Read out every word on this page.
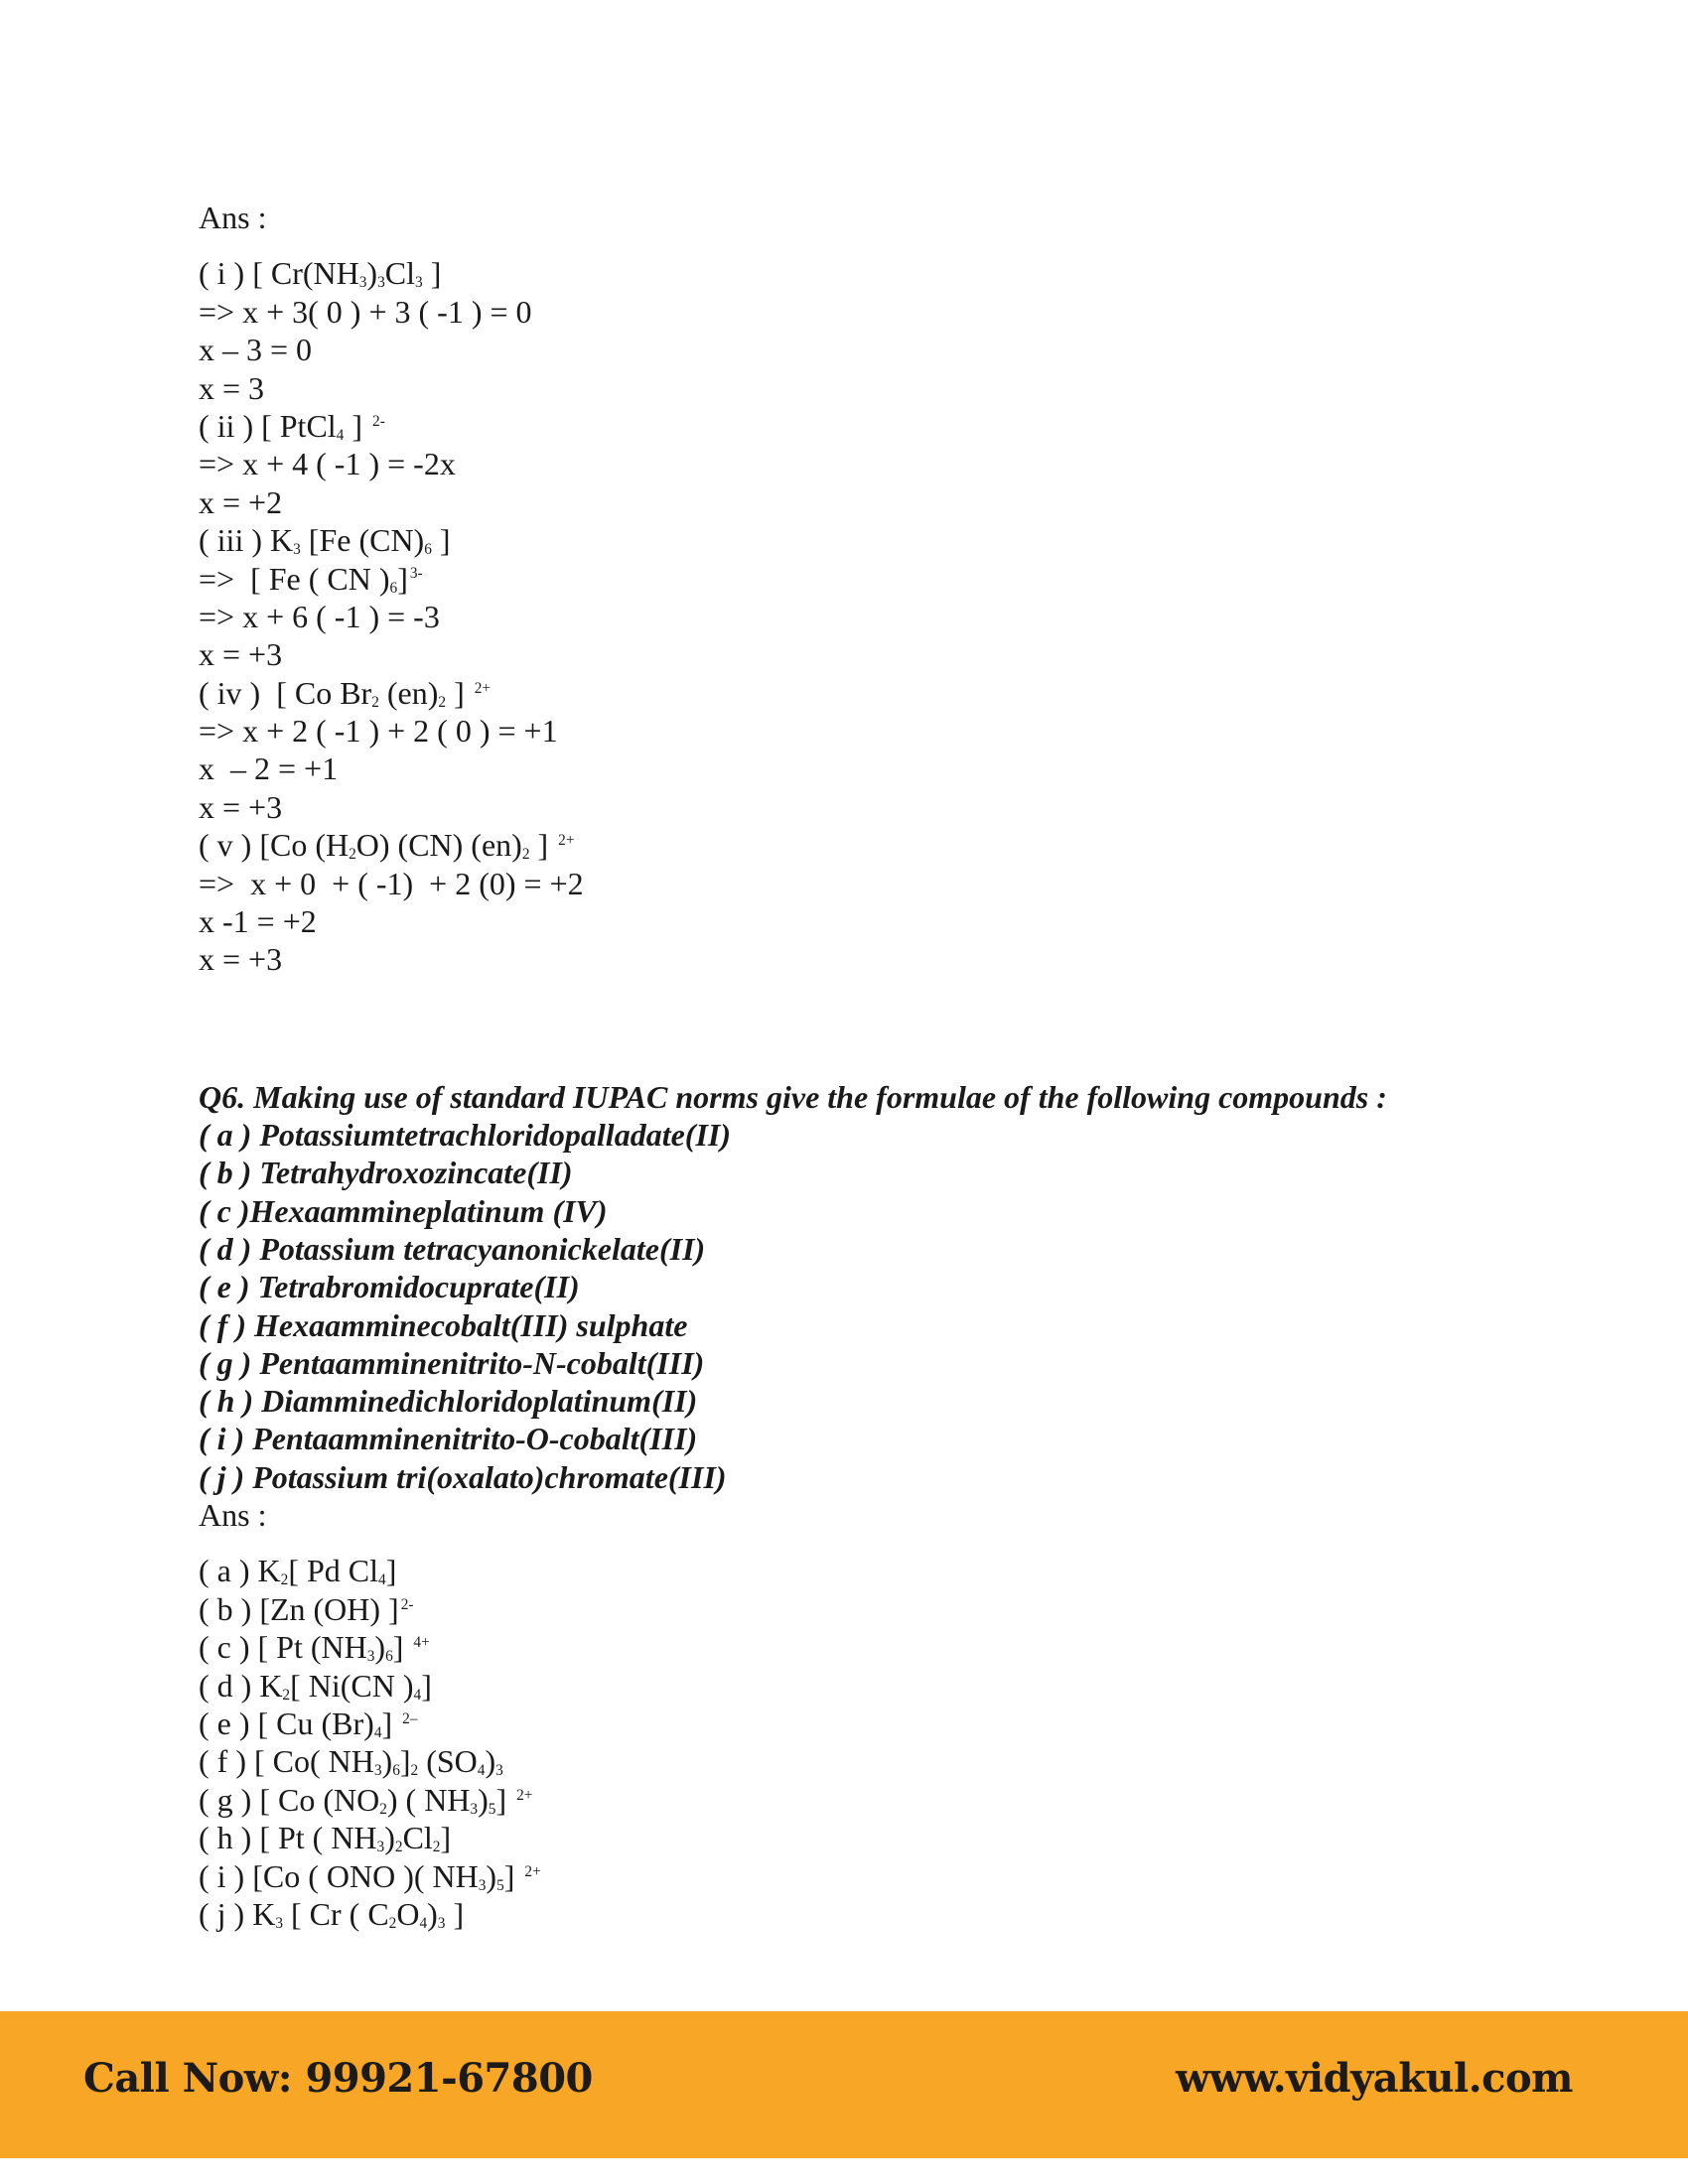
Ans :
( i ) [ $Cr(NH_3)_3Cl_3$ ]
=> x + 3( 0 ) + 3 ( -1 ) = 0
x – 3 = 0
x = 3
( ii ) [ PtCl$_4$ ] $^{2-}$
=> x + 4 ( -1 ) = -2x
x = +2
( iii ) $K_3$ [Fe $(CN)_6$ ]
=>  [ Fe ( CN )$_6$] $^{3-}$
=> x + 6 ( -1 ) = -3
x = +3
( iv )  [ Co $Br_2$ $(en)_2$ ] $^{2+}$
=> x + 2 ( -1 ) + 2 ( 0 ) = +1
x  – 2 = +1
x = +3
( v ) [Co $(H_2O)$ (CN) $(en)_2$ ] $^{2+}$
=>  x + 0  + ( -1)  + 2 (0) = +2
x -1 = +2
x = +3
Q6. Making use of standard IUPAC norms give the formulae of the following compounds :
( a ) Potassiumtetrachloridopalladate(II)
( b ) Tetrahydroxozincate(II)
( c )Hexaammineplatinum (IV)
( d ) Potassium tetracyanonickelate(II)
( e ) Tetrabromidocuprate(II)
( f ) Hexaamminecobalt(III) sulphate
( g ) Pentaamminenitrito-N-cobalt(III)
( h ) Diamminedichloridoplatinum(II)
( i ) Pentaamminenitrito-O-cobalt(III)
( j ) Potassium tri(oxalato)chromate(III)
Ans :
( a ) $K_2$[ Pd $Cl_4$]
( b ) [Zn (OH) ] $^{2-}$
( c ) [ Pt $(NH_3)_6$] $^{4+}$
( d ) $K_2$[ Ni(CN )$_4$]
( e ) [ Cu $(Br)_4$] $^{2-}$
( f ) [ Co( $NH_3)_6]_2$ $(SO_4)_3$
( g ) [ Co $(NO_2)$ ( $NH_3)_5$] $^{2+}$
( h ) [ Pt ( $NH_3)_2Cl_2$]
( i ) [Co ( ONO )( $NH_3)_5$] $^{2+}$
( j ) $K_3$ [ Cr ( $C_2O_4)_3$ ]
Call Now: 99921-67800	www.vidyakul.com
